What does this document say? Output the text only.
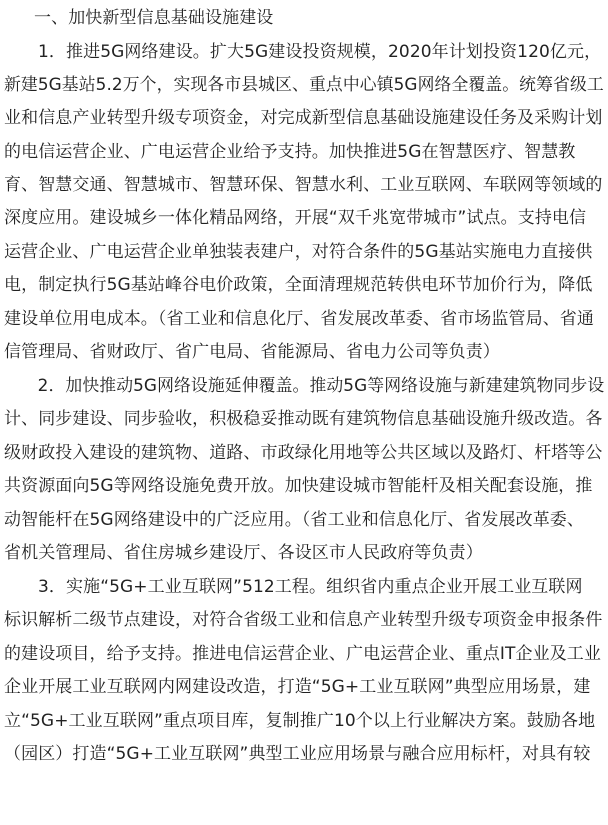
一、加快新型信息基础设施建设
1．推进5G网络建设。扩大5G建设投资规模，2020年计划投资120亿元，
新建5G基站5.2万个，实现各市县城区、重点中心镇5G网络全覆盖。统筹省级工
业和信息产业转型升级专项资金，对完成新型信息基础设施建设任务及采购计划
的电信运营企业、广电运营企业给予支持。加快推进5G在智慧医疗、智慧教
育、智慧交通、智慧城市、智慧环保、智慧水利、工业互联网、车联网等领域的
深度应用。建设城乡一体化精品网络，开展“双千兆宽带城市”试点。支持电信
运营企业、广电运营企业单独装表建户，对符合条件的5G基站实施电力直接供
电，制定执行5G基站峰谷电价政策，全面清理规范转供电环节加价行为，降低
建设单位用电成本。（省工业和信息化厅、省发展改革委、省市场监管局、省通
信管理局、省财政厅、省广电局、省能源局、省电力公司等负责）
2．加快推动5G网络设施延伸覆盖。推动5G等网络设施与新建建筑物同步设
计、同步建设、同步验收，积极稳妥推动既有建筑物信息基础设施升级改造。各
级财政投入建设的建筑物、道路、市政绿化用地等公共区域以及路灯、杆塔等公
共资源面向5G等网络设施免费开放。加快建设城市智能杆及相关配套设施，推
动智能杆在5G网络建设中的广泛应用。（省工业和信息化厅、省发展改革委、
省机关管理局、省住房城乡建设厅、各设区市人民政府等负责）
3．实施“5G+工业互联网”512工程。组织省内重点企业开展工业互联网
标识解析二级节点建设，对符合省级工业和信息产业转型升级专项资金申报条件
的建设项目，给予支持。推进电信运营企业、广电运营企业、重点IT企业及工业
企业开展工业互联网内网建设改造，打造“5G+工业互联网”典型应用场景，建
立“5G+工业互联网”重点项目库，复制推广10个以上行业解决方案。鼓励各地
（园区）打造“5G+工业互联网”典型工业应用场景与融合应用标杆，对具有较
